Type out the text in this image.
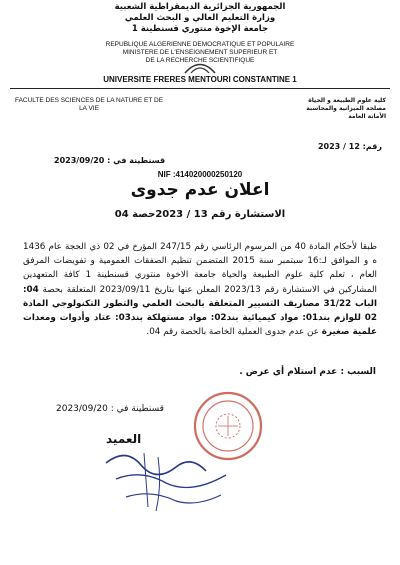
الجمهورية الجزائرية الديمقراطية الشعبية
وزارة التعليم العالي و البحث العلمي
جامعة الإخوة منتوري قسنطينة 1
REPUBLIQUE ALGERIENNE DEMOCRATIQUE ET POPULAIRE
MINISTERE DE L'ENSEIGNEMENT SUPERIEUR ET
DE LA RECHERCHE SCIENTIFIQUE
UNIVERSITE FRERES MENTOURI CONSTANTINE 1
FACULTE DES SCIENCES DE LA NATURE ET DE
LA VIE
كلية علوم الطبيعة و الحياة
مصلحة الميزانية والمحاسبة
الأمانة العامة
رقم: 12 / 2023
قسنطينة في : 2023/09/20
NIF :414020000250120
اعلان عدم جدوى
الاستشارة رقم 13 / 2023حصة 04
طبقا لأحكام المادة 40 من المرسوم الرئاسي رقم 247/15 المؤرخ في 02 ذي الحجة عام 1436 ه و الموافق لـ:16 سبتمبر سنة 2015 المتضمن تنظيم الصفقات العمومية و تفويضات المرفق العام ، تعلم كلية علوم الطبيعة والحياة جامعة الاخوة منتوري قسنطينة 1 كافة المتعهدين المشاركين في الاستشارة رقم 2023/13 المعلن عنها بتاريخ 2023/09/11 المتعلقة بحصة 04: الباب 31/22 مصاريف التسيير المتعلقة بالبحث العلمي والتطور التكنولوجي المادة 02 للوازم بند01: مواد كيميائية بند02: مواد مستهلكة بند03: عتاد وأدوات ومعدات علمية صغيرة عن عدم جدوى العملية الخاصة بالحصة رقم 04.
السبب : عدم استلام أي عرض .
قسنطينة في : 2023/09/20
العميد
